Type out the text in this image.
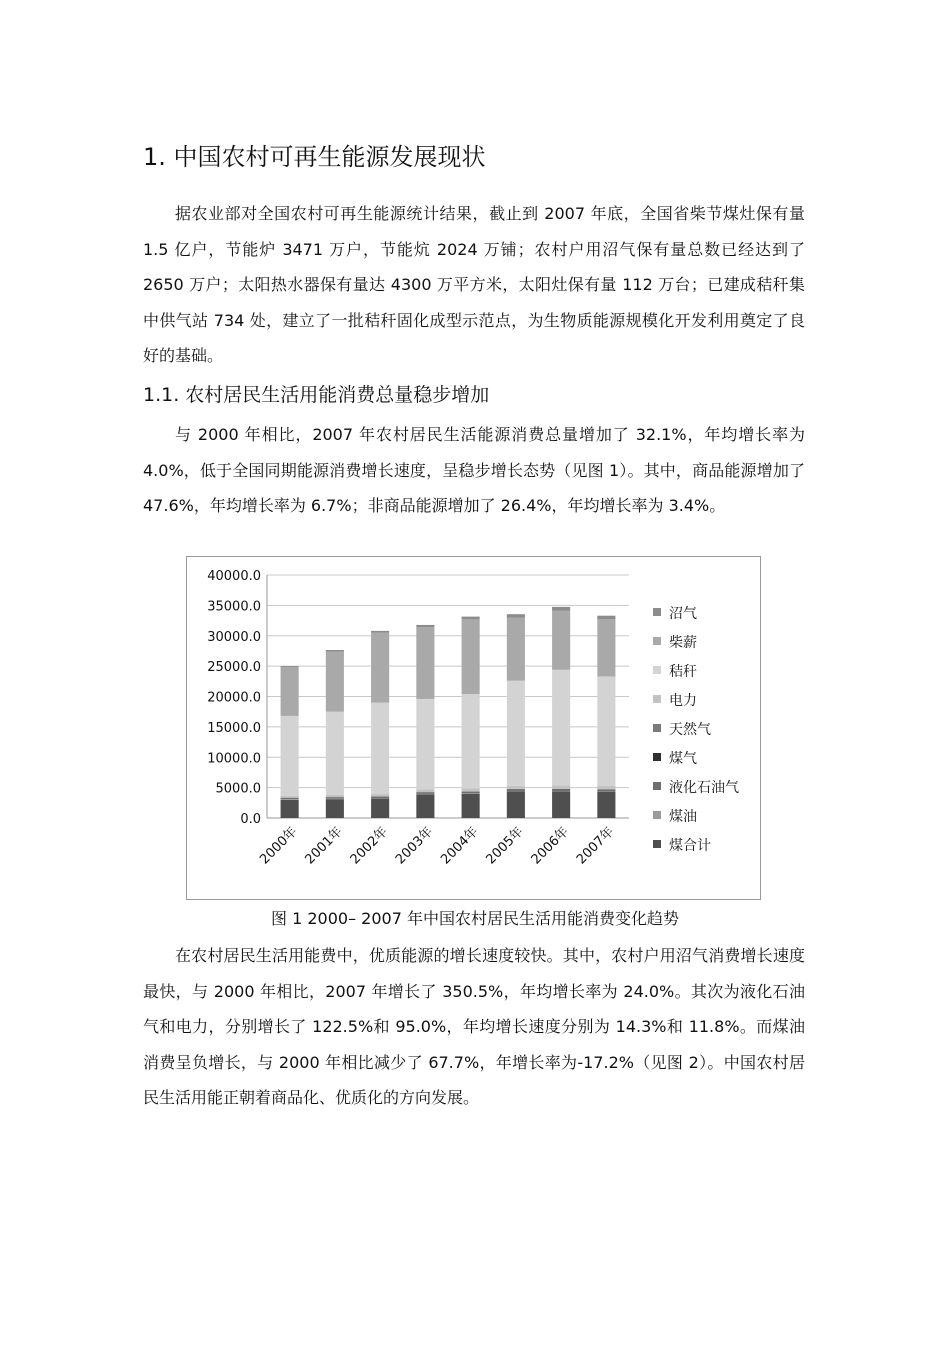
1. 中国农村可再生能源发展现状

据农业部对全国农村可再生能源统计结果，截止到 2007 年底，全国省柴节煤灶保有量 1.5 亿户，节能炉 3471 万户，节能炕 2024 万铺；农村户用沼气保有量总数已经达到了 2650 万户；太阳热水器保有量达 4300 万平方米，太阳灶保有量 112 万台；已建成秸秆集中供气站 734 处，建立了一批秸秆固化成型示范点，为生物质能源规模化开发利用奠定了良好的基础。

1.1. 农村居民生活用能消费总量稳步增加

与 2000 年相比，2007 年农村居民生活能源消费总量增加了 32.1%，年均增长率为 4.0%，低于全国同期能源消费增长速度，呈稳步增长态势（见图 1）。其中，商品能源增加了 47.6%，年均增长率为 6.7%；非商品能源增加了 26.4%，年均增长率为 3.4%。

0.0
5000.0
10000.0
15000.0
20000.0
25000.0
30000.0
35000.0
40000.0
2000年 2001年 2002年 2003年 2004年 2005年 2006年 2007年
沼气
柴薪
秸秆
电力
天然气
煤气
液化石油气
煤油
煤合计
图 1 2000– 2007 年中国农村居民生活用能消费变化趋势

在农村居民生活用能费中，优质能源的增长速度较快。其中，农村户用沼气消费增长速度最快，与 2000 年相比，2007 年增长了 350.5%，年均增长率为 24.0%。其次为液化石油气和电力，分别增长了 122.5%和 95.0%，年均增长速度分别为 14.3%和 11.8%。而煤油消费呈负增长，与 2000 年相比减少了 67.7%，年增长率为-17.2%（见图 2）。中国农村居民生活用能正朝着商品化、优质化的方向发展。
